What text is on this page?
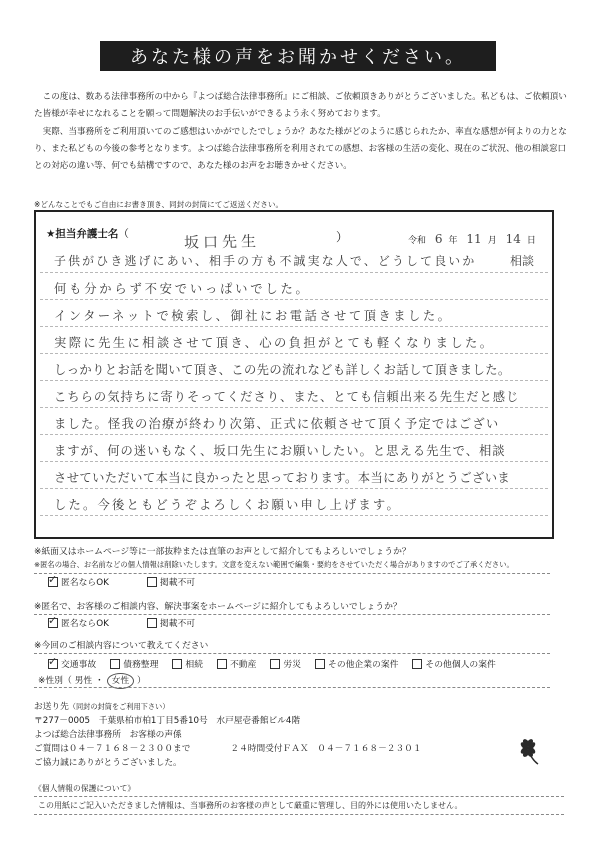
あなた様の声をお聞かせください。

この度は、数ある法律事務所の中から『よつば総合法律事務所』にご相談、ご依頼頂きありがとうございました。私どもは、ご依頼頂いた皆様が幸せになれることを願って問題解決のお手伝いができるよう永く努めております。

実際、当事務所をご利用頂いてのご感想はいかがでしたでしょうか？あなた様がどのように感じられたか、率直な感想が何よりの力となり、また私どもの今後の参考となります。よつば総合法律事務所を利用されての感想、お客様の生活の変化、現在のご状況、他の相談窓口との対応の違い等、何でも結構ですので、あなた様のお声をお聴きかせください。

※どんなことでもご自由にお書き頂き、同封の封筒にてご返送ください。
★担当弁護士名（	坂口先生	）	令和 6 年 11 月 14 日
相談
子供がひき逃げにあい、相手の方も不誠実な人で、どうして良いか
何も分からず不安でいっぱいでした。
インターネットで検索し、御社にお電話させて頂きました。
実際に先生に相談させて頂き、心の負担がとても軽くなりました。
しっかりとお話を聞いて頂き、この先の流れなども詳しくお話して頂きました。
こちらの気持ちに寄りそってくださり、また、とても信頼出来る先生だと感じ
ました。怪我の治療が終わり次第、正式に依頼させて頂く予定ではござい
ますが、何の迷いもなく、坂口先生にお願いしたい。と思える先生で、相談
させていただいて本当に良かったと思っております。本当にありがとうございま
した。今後ともどうぞよろしくお願い申し上げます。
※紙面又はホームページ等に一部抜粋または直筆のお声として紹介してもよろしいでしょうか？
※匿名の場合、お名前などの個人情報は削除いたします。文意を変えない範囲で編集・要約をさせていただく場合がありますのでご了承ください。
✓
匿名ならOK	掲載不可
※匿名で、お客様のご相談内容、解決事案をホームページに紹介してもよろしいでしょうか？
✓
匿名ならOK	掲載不可
※今回のご相談内容について教えてください
✓
交通事故	債務整理	相続	不動産	労災	その他企業の案件	その他個人の案件
※性別（ 男性 ・ 女性 ）
お送り先（同封の封筒をご利用下さい）
〒277－0005　千葉県柏市柏1丁目5番10号　水戸屋壱番館ビル4階
よつば総合法律事務所　お客様の声係
ご質問は０４－７１６８－２３００まで	２４時間受付ＦＡＸ　０４－７１６８－２３０１
ご協力誠にありがとうございました。
《個人情報の保護について》
この用紙にご記入いただきました情報は、当事務所のお客様の声として厳重に管理し、目的外には使用いたしません。
